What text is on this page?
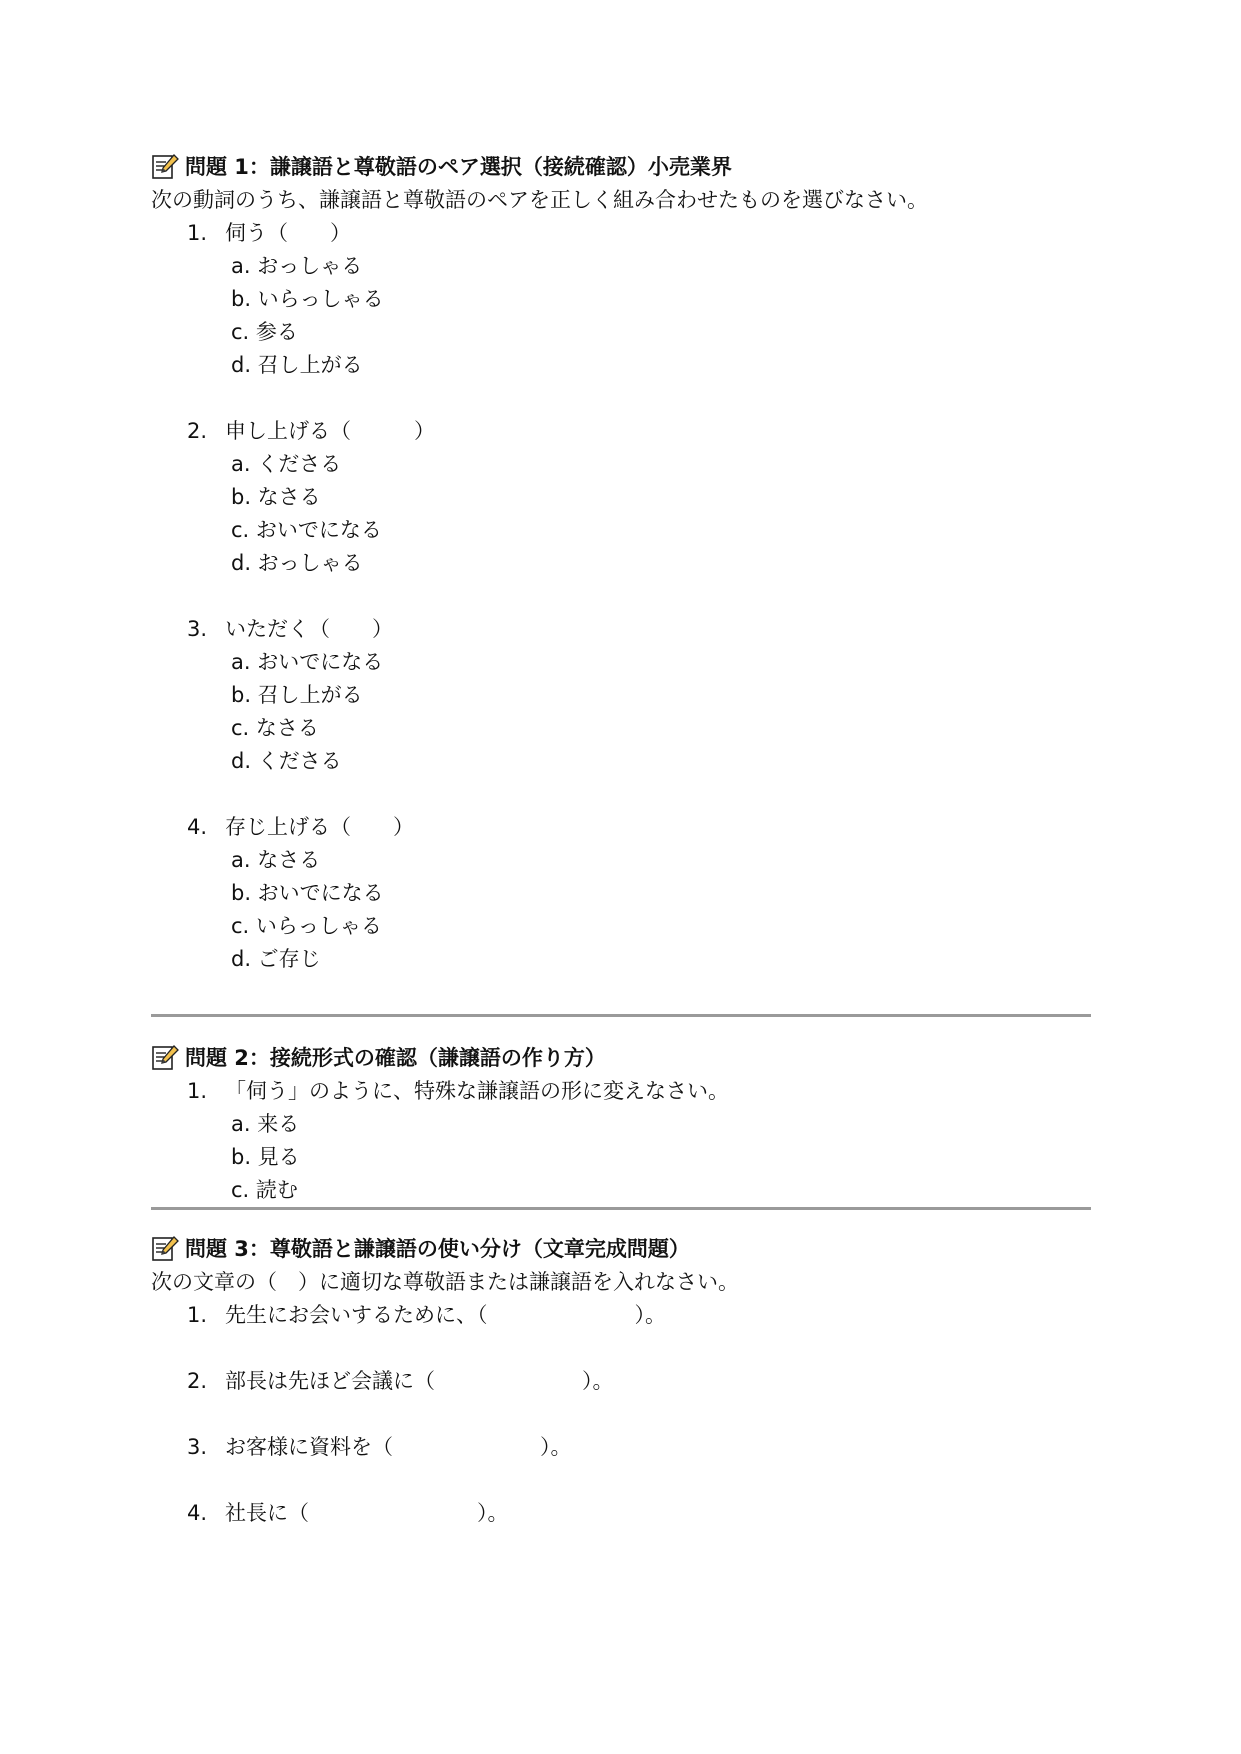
問題 1：謙譲語と尊敬語のペア選択（接続確認）小売業界
次の動詞のうち、謙譲語と尊敬語のペアを正しく組み合わせたものを選びなさい。
1. 伺う（　　）
a. おっしゃる
b. いらっしゃる
c. 参る
d. 召し上がる
2. 申し上げる（　　　）
a. くださる
b. なさる
c. おいでになる
d. おっしゃる
3. いただく（　　）
a. おいでになる
b. 召し上がる
c. なさる
d. くださる
4. 存じ上げる（　　）
a. なさる
b. おいでになる
c. いらっしゃる
d. ご存じ
問題 2：接続形式の確認（謙譲語の作り方）
1. 「伺う」のように、特殊な謙譲語の形に変えなさい。
a. 来る
b. 見る
c. 読む
問題 3：尊敬語と謙譲語の使い分け（文章完成問題）
次の文章の（　）に適切な尊敬語または謙譲語を入れなさい。
1. 先生にお会いするために、（　　　　　　　）。
2. 部長は先ほど会議に（　　　　　　　）。
3. お客様に資料を（　　　　　　　）。
4. 社長に（　　　　　　　　）。
